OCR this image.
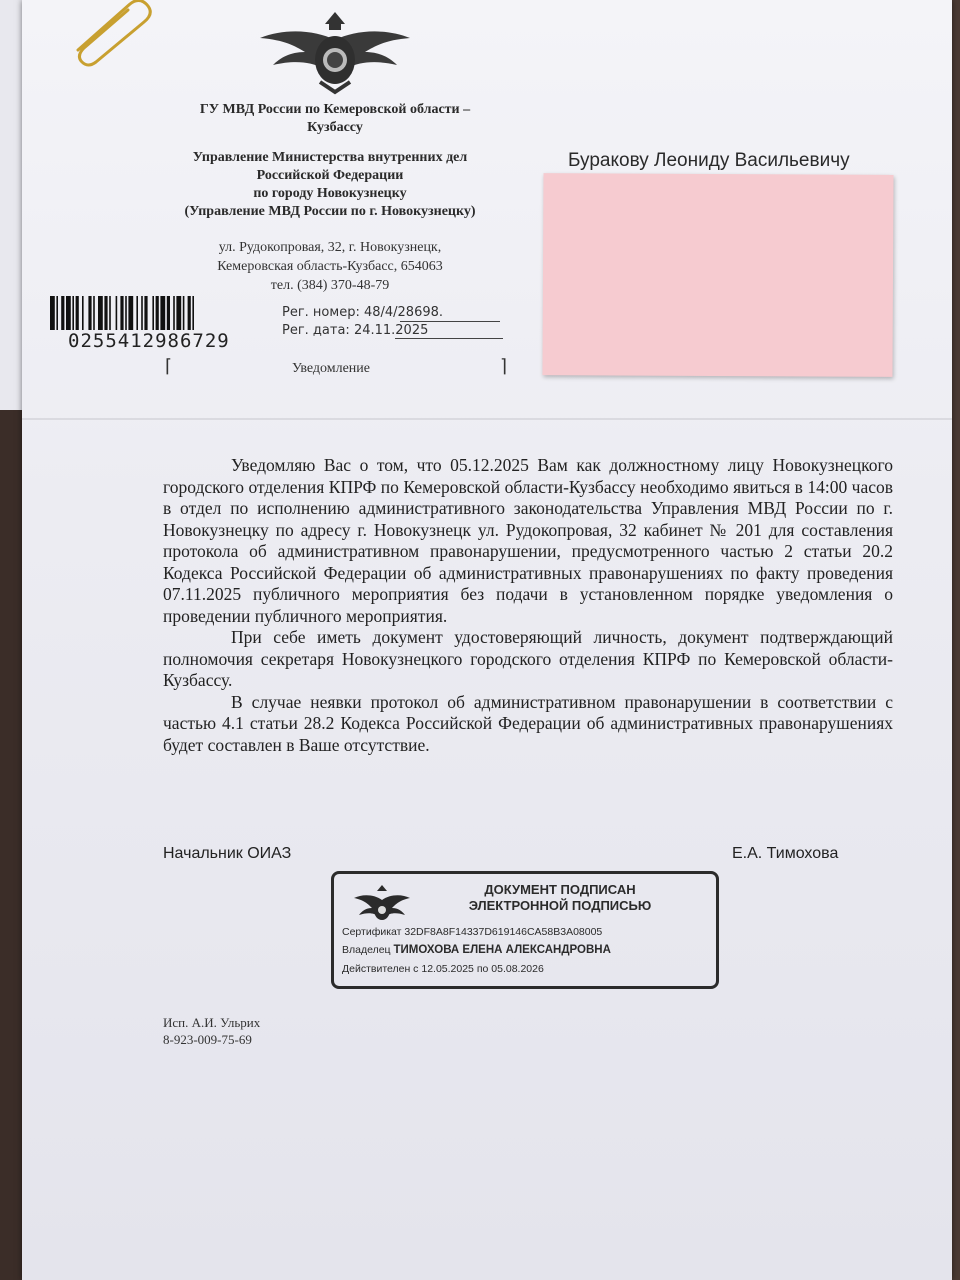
ГУ МВД России по Кемеровской области –
Кузбассу
Управление Министерства внутренних дел
Российской Федерации
по городу Новокузнецку
(Управление МВД России по г. Новокузнецку)
ул. Рудокопровая, 32, г. Новокузнецк,
Кемеровская область-Кузбасс, 654063
тел. (384) 370-48-79
0255412986729
Рег. номер: 48/4/28698.
Рег. дата: 24.11.2025
⌈	Уведомление	⌉
Буракову Леониду Васильевичу

Уведомляю Вас о том, что 05.12.2025 Вам как должностному лицу Новокузнецкого городского отделения КПРФ по Кемеровской области-Кузбассу необходимо явиться в 14:00 часов в отдел по исполнению административного законодательства Управления МВД России по г. Новокузнецку по адресу г. Новокузнецк ул. Рудокопровая, 32 кабинет № 201 для составления протокола об административном правонарушении, предусмотренного частью 2 статьи 20.2 Кодекса Российской Федерации об административных правонарушениях по факту проведения 07.11.2025 публичного мероприятия без подачи в установленном порядке уведомления о проведении публичного мероприятия.

При себе иметь документ удостоверяющий личность, документ подтверждающий полномочия секретаря Новокузнецкого городского отделения КПРФ по Кемеровской области-Кузбассу.

В случае неявки протокол об административном правонарушении в соответствии с частью 4.1 статьи 28.2 Кодекса Российской Федерации об административных правонарушениях будет составлен в Ваше отсутствие.

Начальник ОИАЗ	Е.А. Тимохова
ДОКУМЕНТ ПОДПИСАН
ЭЛЕКТРОННОЙ ПОДПИСЬЮ
Сертификат 32DF8A8F14337D619146CA58B3A08005
Владелец ТИМОХОВА ЕЛЕНА АЛЕКСАНДРОВНА
Действителен с 12.05.2025 по 05.08.2026
Исп. А.И. Ульрих
8-923-009-75-69
